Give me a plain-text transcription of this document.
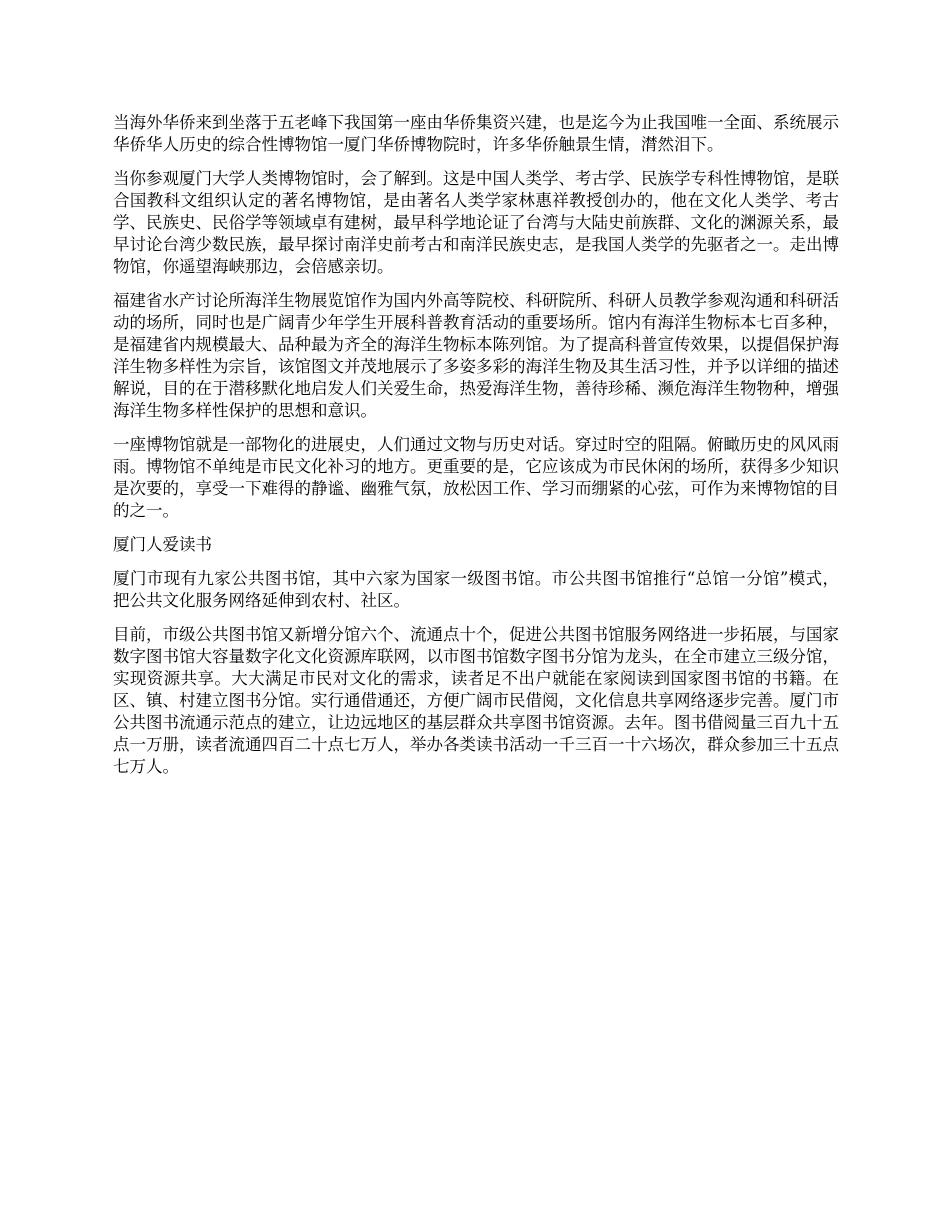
当海外华侨来到坐落于五老峰下我国第一座由华侨集资兴建，也是迄今为止我国唯一全面、系统展示华侨华人历史的综合性博物馆一厦门华侨博物院时，许多华侨触景生情，潸然泪下。

当你参观厦门大学人类博物馆时，会了解到。这是中国人类学、考古学、民族学专科性博物馆，是联合国教科文组织认定的著名博物馆，是由著名人类学家林惠祥教授创办的，他在文化人类学、考古学、民族史、民俗学等领域卓有建树，最早科学地论证了台湾与大陆史前族群、文化的渊源关系，最早讨论台湾少数民族，最早探讨南洋史前考古和南洋民族史志，是我国人类学的先驱者之一。走出博物馆，你遥望海峡那边，会倍感亲切。

福建省水产讨论所海洋生物展览馆作为国内外高等院校、科研院所、科研人员教学参观沟通和科研活动的场所，同时也是广阔青少年学生开展科普教育活动的重要场所。馆内有海洋生物标本七百多种，是福建省内规模最大、品种最为齐全的海洋生物标本陈列馆。为了提高科普宣传效果，以提倡保护海洋生物多样性为宗旨，该馆图文并茂地展示了多姿多彩的海洋生物及其生活习性，并予以详细的描述解说，目的在于潜移默化地启发人们关爱生命，热爱海洋生物，善待珍稀、濒危海洋生物物种，增强海洋生物多样性保护的思想和意识。

一座博物馆就是一部物化的进展史，人们通过文物与历史对话。穿过时空的阻隔。俯瞰历史的风风雨雨。博物馆不单纯是市民文化补习的地方。更重要的是，它应该成为市民休闲的场所，获得多少知识是次要的，享受一下难得的静谧、幽雅气氛，放松因工作、学习而绷紧的心弦，可作为来博物馆的目的之一。

厦门人爱读书

厦门市现有九家公共图书馆，其中六家为国家一级图书馆。市公共图书馆推行“总馆一分馆”模式，把公共文化服务网络延伸到农村、社区。

目前，市级公共图书馆又新增分馆六个、流通点十个，促进公共图书馆服务网络进一步拓展，与国家数字图书馆大容量数字化文化资源库联网，以市图书馆数字图书分馆为龙头，在全市建立三级分馆，实现资源共享。大大满足市民对文化的需求，读者足不出户就能在家阅读到国家图书馆的书籍。在区、镇、村建立图书分馆。实行通借通还，方便广阔市民借阅，文化信息共享网络逐步完善。厦门市公共图书流通示范点的建立，让边远地区的基层群众共享图书馆资源。去年。图书借阅量三百九十五点一万册，读者流通四百二十点七万人，举办各类读书活动一千三百一十六场次，群众参加三十五点七万人。
